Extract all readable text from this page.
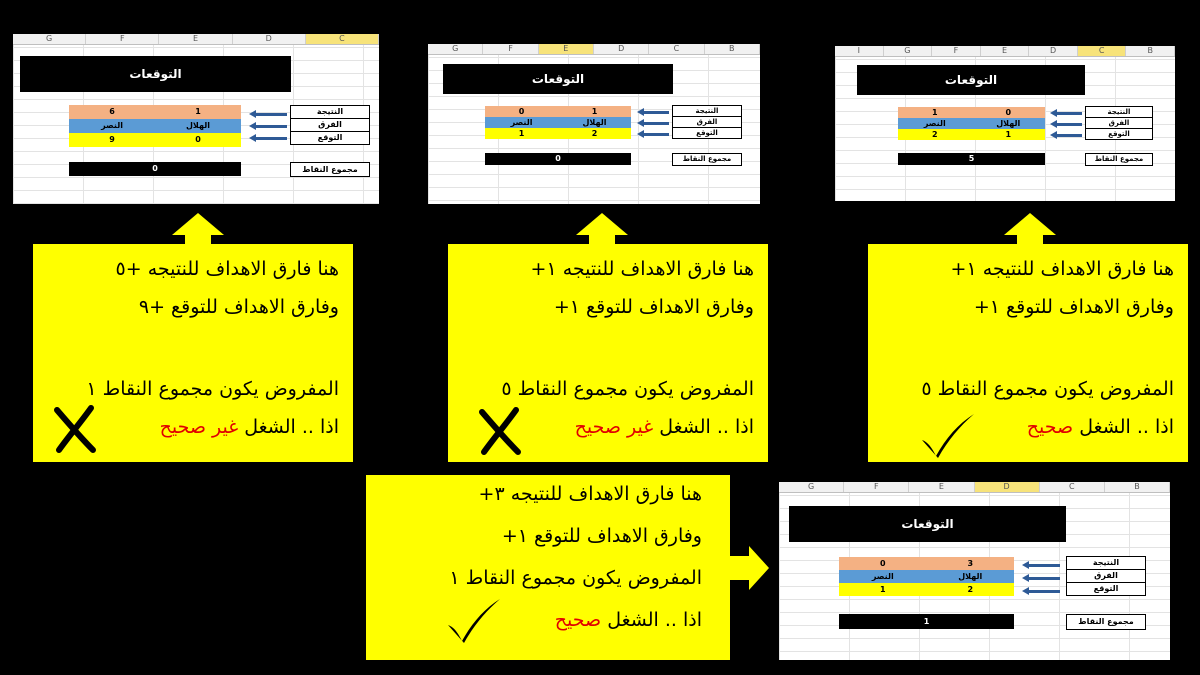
G	F	E	D	C
التوقعات
6	1
النصر	الهلال
9	0
النتيجة
الفرق
التوقع
0	مجموع النقاط
G	F	E	D	C	B
التوقعات
0	1
النصر	الهلال
1	2
النتيجة
الفرق
التوقع
0	مجموع النقاط
I	G	F	E	D	C	B
التوقعات
1	0
النصر	الهلال
2	1
النتيجة
الفرق
التوقع
5	مجموع النقاط
G	F	E	D	C	B
التوقعات
0	3
النصر	الهلال
1	2
النتيجة
الفرق
التوقع
1	مجموع النقاط
هنا فارق الاهداف للنتيجه +٥
وفارق الاهداف للتوقع +٩
المفروض يكون مجموع النقاط ١
اذا .. الشغل غير صحيح
هنا فارق الاهداف للنتيجه ١+
وفارق الاهداف للتوقع ١+
المفروض يكون مجموع النقاط ٥
اذا .. الشغل غير صحيح
هنا فارق الاهداف للنتيجه ١+
وفارق الاهداف للتوقع ١+
المفروض يكون مجموع النقاط ٥
اذا .. الشغل صحيح
هنا فارق الاهداف للنتيجه ٣+
وفارق الاهداف للتوقع ١+
المفروض يكون مجموع النقاط ١
اذا .. الشغل صحيح
